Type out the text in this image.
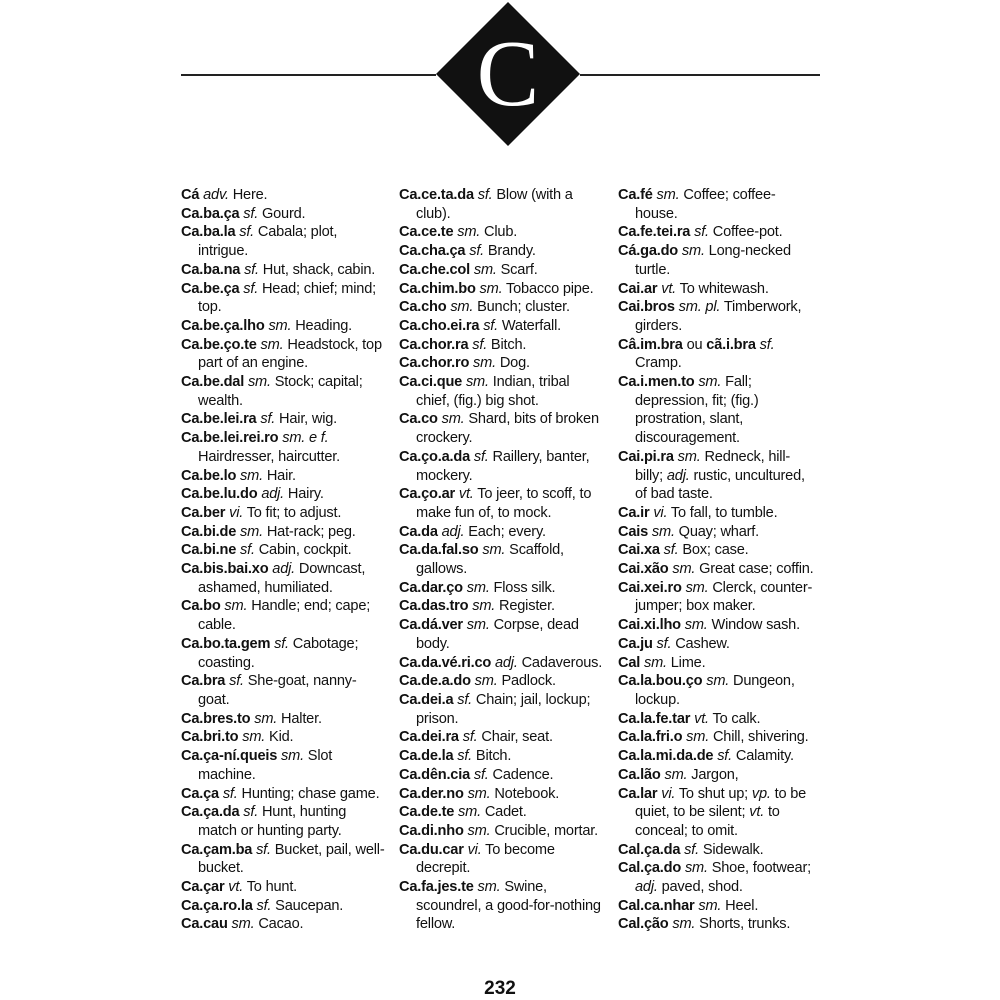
C
Cá adv. Here.
Ca.ba.ça sf. Gourd.
Ca.ba.la sf. Cabala; plot, intrigue.
Ca.ba.na sf. Hut, shack, cabin.
Ca.be.ça sf. Head; chief; mind; top.
Ca.be.ça.lho sm. Heading.
Ca.be.ço.te sm. Headstock, top part of an engine.
Ca.be.dal sm. Stock; capital; wealth.
Ca.be.lei.ra sf. Hair, wig.
Ca.be.lei.rei.ro sm. e f. Hairdresser, haircutter.
Ca.be.lo sm. Hair.
Ca.be.lu.do adj. Hairy.
Ca.ber vi. To fit; to adjust.
Ca.bi.de sm. Hat-rack; peg.
Ca.bi.ne sf. Cabin, cockpit.
Ca.bis.bai.xo adj. Downcast, ashamed, humiliated.
Ca.bo sm. Handle; end; cape; cable.
Ca.bo.ta.gem sf. Cabotage; coasting.
Ca.bra sf. She-goat, nanny-goat.
Ca.bres.to sm. Halter.
Ca.bri.to sm. Kid.
Ca.ça-ní.queis sm. Slot machine.
Ca.ça sf. Hunting; chase game.
Ca.ça.da sf. Hunt, hunting match or hunting party.
Ca.çam.ba sf. Bucket, pail, well-bucket.
Ca.çar vt. To hunt.
Ca.ça.ro.la sf. Saucepan.
Ca.cau sm. Cacao.
Ca.ce.ta.da sf. Blow (with a club).
Ca.ce.te sm. Club.
Ca.cha.ça sf. Brandy.
Ca.che.col sm. Scarf.
Ca.chim.bo sm. Tobacco pipe.
Ca.cho sm. Bunch; cluster.
Ca.cho.ei.ra sf. Waterfall.
Ca.chor.ra sf. Bitch.
Ca.chor.ro sm. Dog.
Ca.ci.que sm. Indian, tribal chief, (fig.) big shot.
Ca.co sm. Shard, bits of broken crockery.
Ca.ço.a.da sf. Raillery, banter, mockery.
Ca.ço.ar vt. To jeer, to scoff, to make fun of, to mock.
Ca.da adj. Each; every.
Ca.da.fal.so sm. Scaffold, gallows.
Ca.dar.ço sm. Floss silk.
Ca.das.tro sm. Register.
Ca.dá.ver sm. Corpse, dead body.
Ca.da.vé.ri.co adj. Cadaverous.
Ca.de.a.do sm. Padlock.
Ca.dei.a sf. Chain; jail, lockup; prison.
Ca.dei.ra sf. Chair, seat.
Ca.de.la sf. Bitch.
Ca.dên.cia sf. Cadence.
Ca.der.no sm. Notebook.
Ca.de.te sm. Cadet.
Ca.di.nho sm. Crucible, mortar.
Ca.du.car vi. To become decrepit.
Ca.fa.jes.te sm. Swine, scoundrel, a good-for-nothing fellow.
Ca.fé sm. Coffee; coffee-house.
Ca.fe.tei.ra sf. Coffee-pot.
Cá.ga.do sm. Long-necked turtle.
Cai.ar vt. To whitewash.
Cai.bros sm. pl. Timberwork, girders.
Câ.im.bra ou cã.i.bra sf. Cramp.
Ca.i.men.to sm. Fall; depression, fit; (fig.) prostration, slant, discouragement.
Cai.pi.ra sm. Redneck, hill-billy; adj. rustic, uncultured, of bad taste.
Ca.ir vi. To fall, to tumble.
Cais sm. Quay; wharf.
Cai.xa sf. Box; case.
Cai.xão sm. Great case; coffin.
Cai.xei.ro sm. Clerck, counter-jumper; box maker.
Cai.xi.lho sm. Window sash.
Ca.ju sf. Cashew.
Cal sm. Lime.
Ca.la.bou.ço sm. Dungeon, lockup.
Ca.la.fe.tar vt. To calk.
Ca.la.fri.o sm. Chill, shivering.
Ca.la.mi.da.de sf. Calamity.
Ca.lão sm. Jargon,
Ca.lar vi. To shut up; vp. to be quiet, to be silent; vt. to conceal; to omit.
Cal.ça.da sf. Sidewalk.
Cal.ça.do sm. Shoe, footwear; adj. paved, shod.
Cal.ca.nhar sm. Heel.
Cal.ção sm. Shorts, trunks.
232
